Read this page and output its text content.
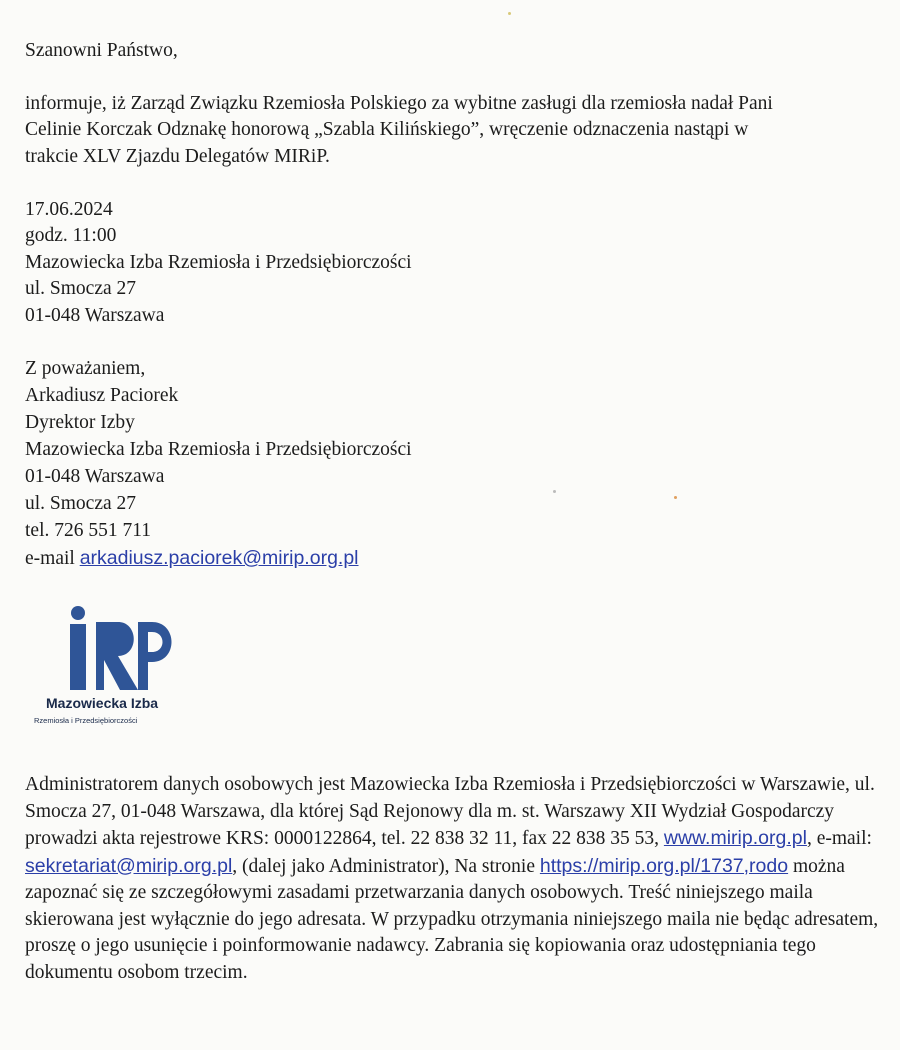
Szanowni Państwo,

informuje, iż Zarząd Związku Rzemiosła Polskiego za wybitne zasługi dla rzemiosła nadał Pani

Celinie Korczak Odznakę honorową „Szabla Kilińskiego”, wręczenie odznaczenia nastąpi w

trakcie XLV Zjazdu Delegatów MIRiP.

17.06.2024

godz. 11:00

Mazowiecka Izba Rzemiosła i Przedsiębiorczości

ul. Smocza 27

01-048 Warszawa

Z poważaniem,

Arkadiusz Paciorek

Dyrektor Izby

Mazowiecka Izba Rzemiosła i Przedsiębiorczości

01-048 Warszawa

ul. Smocza 27

tel. 726 551 711

e-mail arkadiusz.paciorek@mirip.org.pl

Mazowiecka Izba
Rzemiosła i Przedsiębiorczości

Administratorem danych osobowych jest Mazowiecka Izba Rzemiosła i Przedsiębiorczości w Warszawie, ul. Smocza 27, 01-048 Warszawa, dla której Sąd Rejonowy dla m. st. Warszawy XII Wydział Gospodarczy prowadzi akta rejestrowe KRS: 0000122864, tel. 22 838 32 11, fax 22 838 35 53, www.mirip.org.pl, e-mail: sekretariat@mirip.org.pl, (dalej jako Administrator), Na stronie https://mirip.org.pl/1737,rodo można zapoznać się ze szczegółowymi zasadami przetwarzania danych osobowych. Treść niniejszego maila skierowana jest wyłącznie do jego adresata. W przypadku otrzymania niniejszego maila nie będąc adresatem, proszę o jego usunięcie i poinformowanie nadawcy. Zabrania się kopiowania oraz udostępniania tego dokumentu osobom trzecim.
